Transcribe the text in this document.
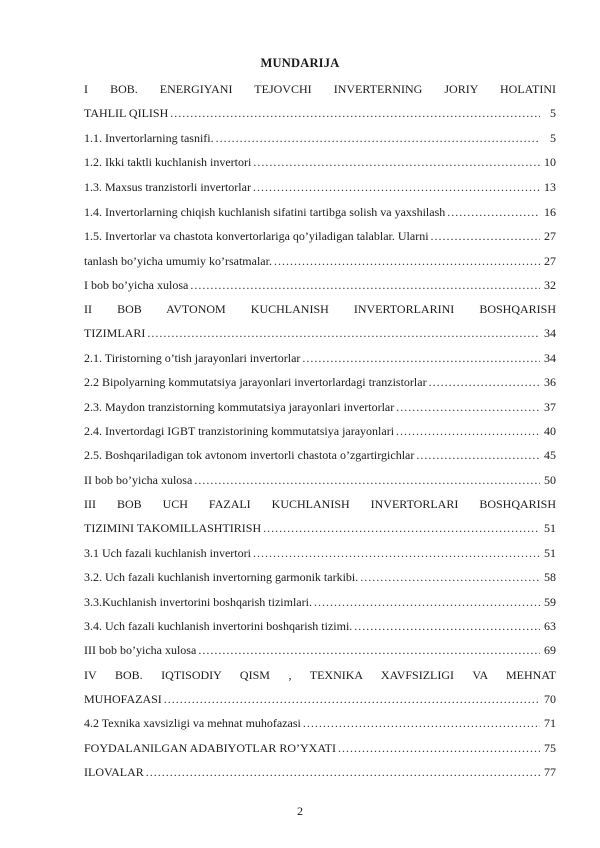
MUNDARIJA
I BOB. ENERGIYANI TEJOVCHI INVERTERNING JORIY HOLATINI
TAHLIL QILISH .....	5
1.1. Invertorlarning tasnifi. .....	5
1.2. Ikki taktli kuchlanish invertori .....	10
1.3. Maxsus tranzistorli invertorlar .....	13
1.4. Invertorlarning chiqish kuchlanish sifatini tartibga solish va yaxshilash .....	16
1.5. Invertorlar va chastota konvertorlariga qo’yiladigan talablar. Ularni .....	27
tanlash bo’yicha umumiy ko’rsatmalar. .....	27
I bob bo’yicha xulosa .....	32
II BOB AVTONOM KUCHLANISH INVERTORLARINI BOSHQARISH
TIZIMLARI .....	34
2.1. Tiristorning o’tish jarayonlari invertorlar .....	34
2.2 Bipolyarning kommutatsiya jarayonlari invertorlardagi tranzistorlar .....	36
2.3. Maydon tranzistorning kommutatsiya jarayonlari invertorlar .....	37
2.4. Invertordagi IGBT tranzistorining kommutatsiya jarayonlari .....	40
2.5. Boshqariladigan tok avtonom invertorli chastota o’zgartirgichlar .....	45
II bob bo’yicha xulosa .....	50
III BOB UCH FAZALI KUCHLANISH INVERTORLARI BOSHQARISH
TIZIMINI TAKOMILLASHTIRISH .....	51
3.1 Uch fazali kuchlanish invertori .....	51
3.2. Uch fazali kuchlanish invertorning garmonik tarkibi. .....	58
3.3.Kuchlanish invertorini boshqarish tizimlari. .....	59
3.4. Uch fazali kuchlanish invertorini boshqarish tizimi. .....	63
III bob bo’yicha xulosa .....	69
IV BOB. IQTISODIY QISM , TEXNIKA XAVFSIZLIGI VA MEHNAT
MUHOFAZASI .....	70
4.2 Texnika xavsizligi va mehnat muhofazasi .....	71
FOYDALANILGAN ADABIYOTLAR RO’YXATI .....	75
ILOVALAR .....	77
2
